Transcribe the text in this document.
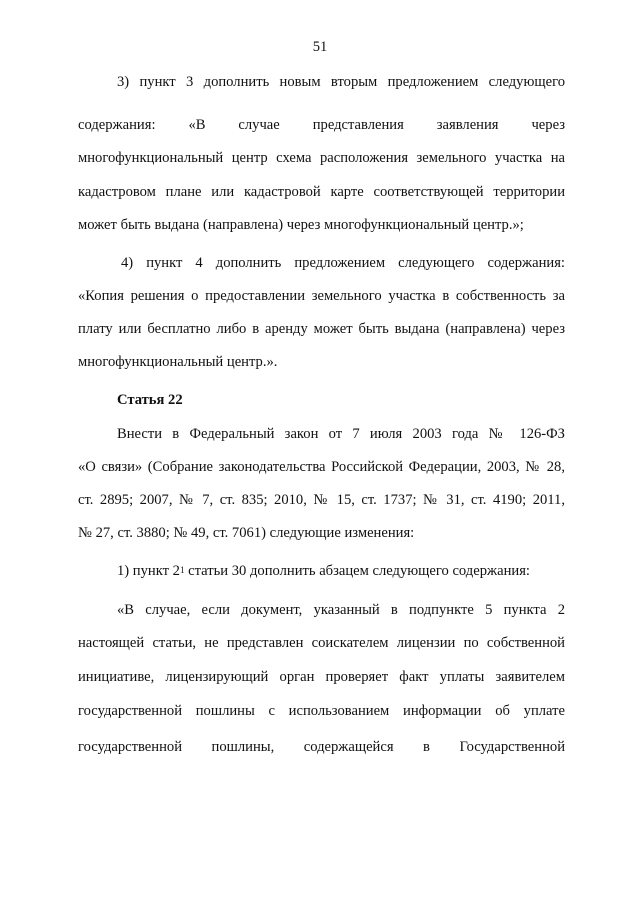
51
3) пункт 3 дополнить новым вторым предложением следующего
содержания: «В случае представления заявления через
многофункциональный центр схема расположения земельного участка на
кадастровом плане или кадастровой карте соответствующей территории
может быть выдана (направлена) через многофункциональный центр.»;
4) пункт 4 дополнить предложением следующего содержания:
«Копия решения о предоставлении земельного участка в собственность за
плату или бесплатно либо в аренду может быть выдана (направлена) через
многофункциональный центр.».
Статья 22
Внести в Федеральный закон от 7 июля 2003 года № 126-ФЗ
«О связи» (Собрание законодательства Российской Федерации, 2003, № 28,
ст. 2895; 2007, № 7, ст. 835; 2010, № 15, ст. 1737; № 31, ст. 4190; 2011,
№ 27, ст. 3880; № 49, ст. 7061) следующие изменения:
1) пункт $2^1$ статьи 30 дополнить абзацем следующего содержания:
«В случае, если документ, указанный в подпункте 5 пункта 2
настоящей статьи, не представлен соискателем лицензии по собственной
инициативе, лицензирующий орган проверяет факт уплаты заявителем
государственной пошлины с использованием информации об уплате
государственной пошлины, содержащейся в Государственной
